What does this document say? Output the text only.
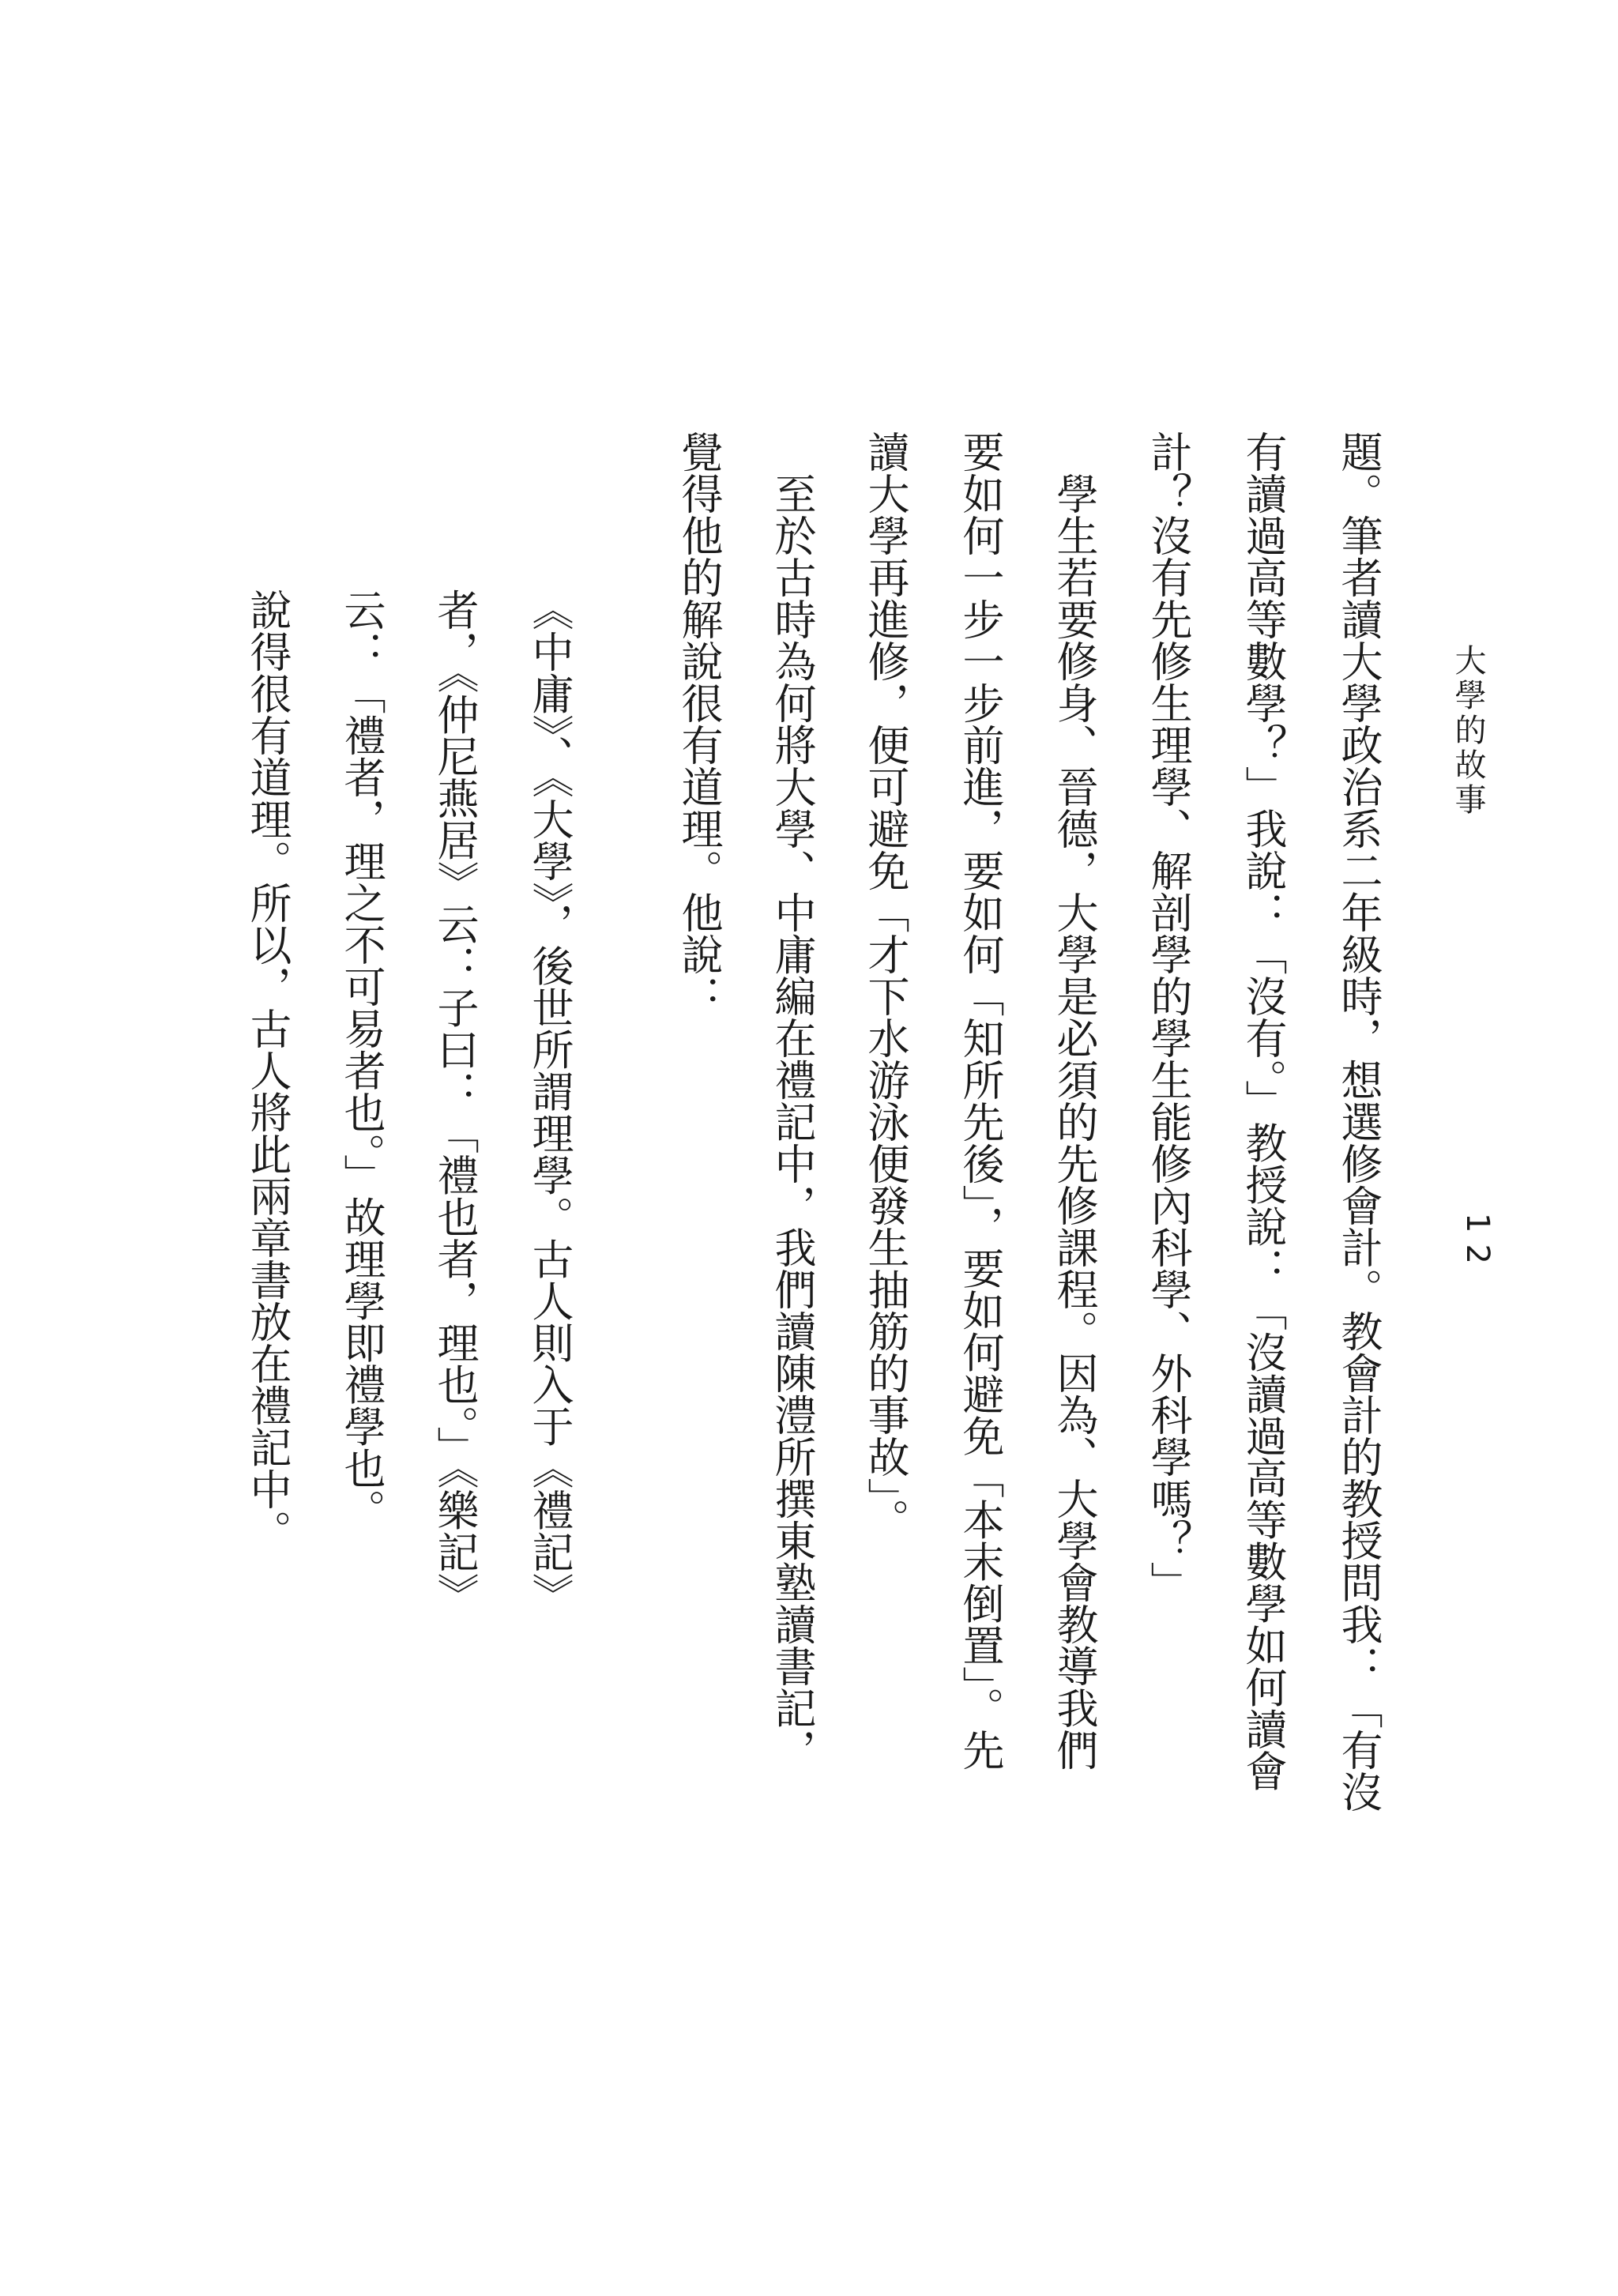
大學的故事
12
題。筆者讀大學政治系二年級時，想選修會計。教會計的教授問我：「有沒
有讀過高等數學？」我說：「沒有。」教授說：「沒讀過高等數學如何讀會
計？沒有先修生理學、解剖學的學生能修內科學、外科學嗎？」
　學生若要修身、晉德，大學是必須的先修課程。因為、大學會教導我們
要如何一步一步前進，要如何「知所先後」，要如何避免「本末倒置」。先
讀大學再進修，便可避免「才下水游泳便發生抽筋的事故」。
　至於古時為何將大學、中庸編在禮記中，我們讀陳澧所撰東塾讀書記，
覺得他的解說很有道理。他說：
《中庸》、《大學》，後世所謂理學。古人則入于《禮記》
者，《仲尼燕居》云：子曰：「禮也者，理也。」《樂記》
云：「禮者，理之不可易者也。」故理學即禮學也。
說得很有道理。所以，古人將此兩章書放在禮記中。
